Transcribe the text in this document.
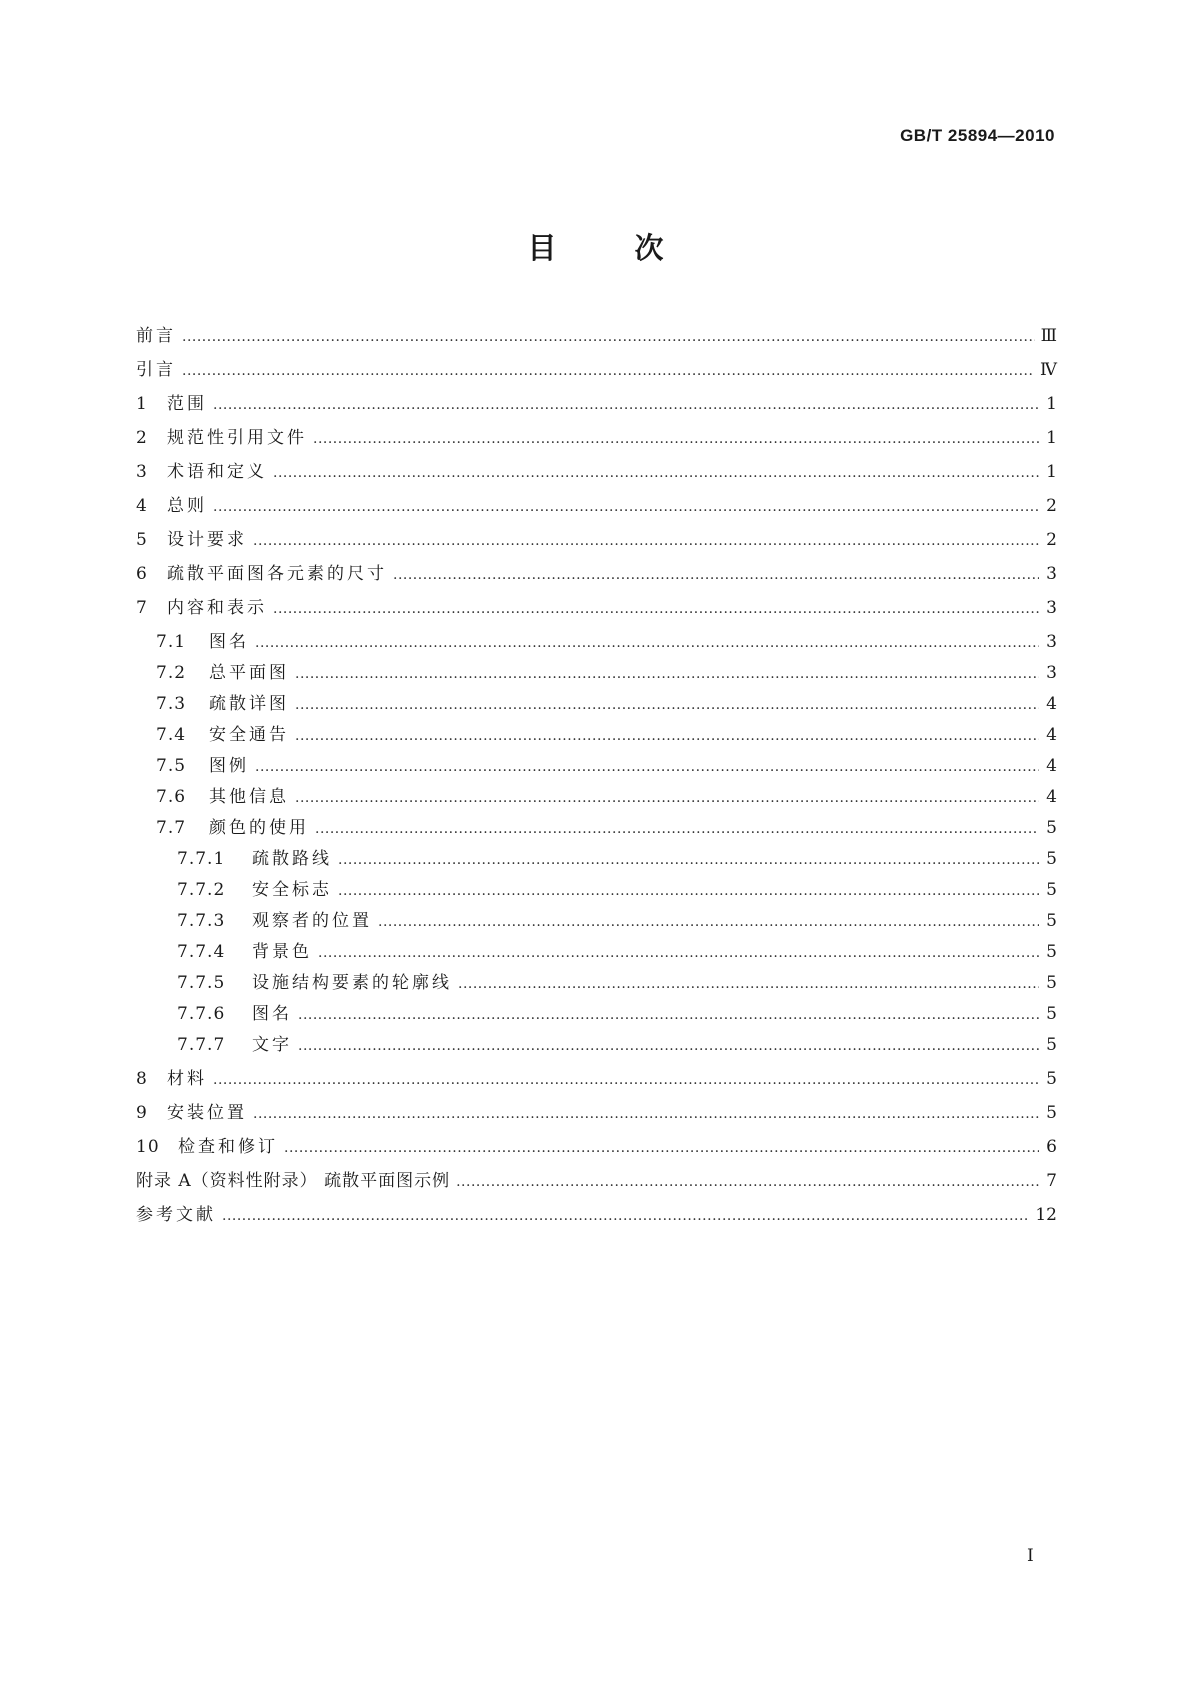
GB/T 25894—2010
目	次
前言 ·····	Ⅲ
引言 ·····	Ⅳ
1	范围 ·····	1
2	规范性引用文件 ·····	1
3	术语和定义 ·····	1
4	总则 ·····	2
5	设计要求 ·····	2
6	疏散平面图各元素的尺寸 ·····	3
7	内容和表示 ·····	3
7.1	图名 ·····	3
7.2	总平面图 ·····	3
7.3	疏散详图 ·····	4
7.4	安全通告 ·····	4
7.5	图例 ·····	4
7.6	其他信息 ·····	4
7.7	颜色的使用 ·····	5
7.7.1	疏散路线 ·····	5
7.7.2	安全标志 ·····	5
7.7.3	观察者的位置 ·····	5
7.7.4	背景色 ·····	5
7.7.5	设施结构要素的轮廓线 ·····	5
7.7.6	图名 ·····	5
7.7.7	文字 ·····	5
8	材料 ·····	5
9	安装位置 ·····	5
10	检查和修订 ·····	6
附录 A（资料性附录） 疏散平面图示例 ·····	7
参考文献 ·····	12
I
